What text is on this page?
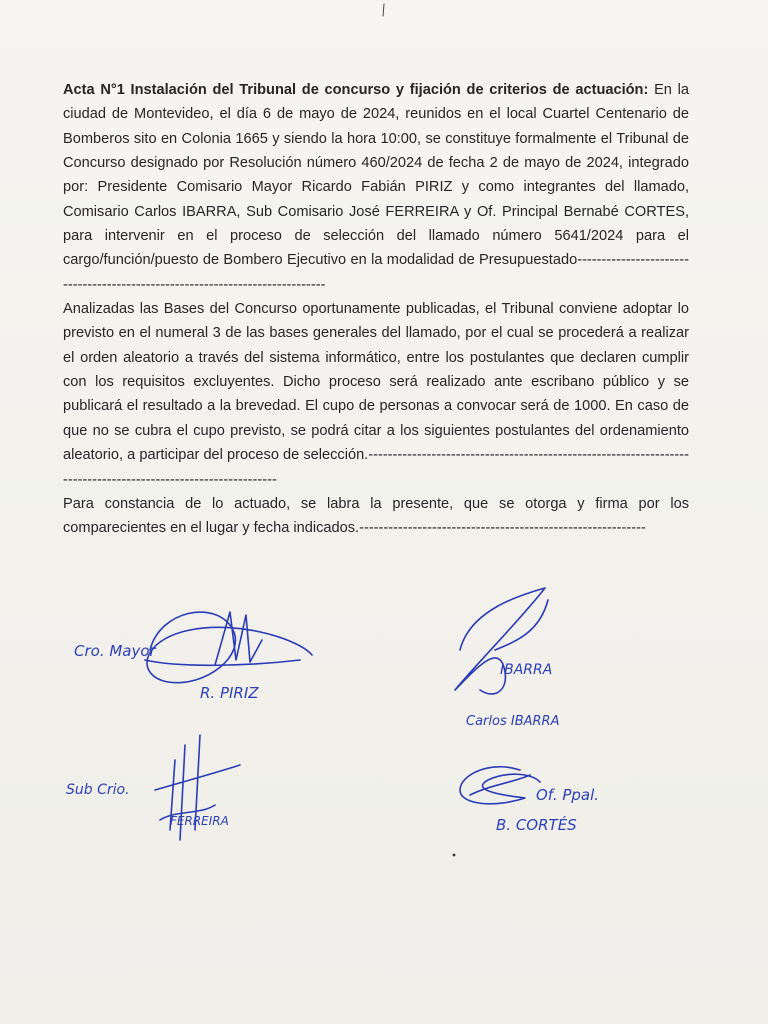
Acta N°1 Instalación del Tribunal de concurso y fijación de criterios de actuación: En la ciudad de Montevideo, el día 6 de mayo de 2024, reunidos en el local Cuartel Centenario de Bomberos sito en Colonia 1665 y siendo la hora 10:00, se constituye formalmente el Tribunal de Concurso designado por Resolución número 460/2024 de fecha 2 de mayo de 2024, integrado por: Presidente Comisario Mayor Ricardo Fabián PIRIZ y como integrantes del llamado, Comisario Carlos IBARRA, Sub Comisario José FERREIRA y Of. Principal Bernabé CORTES, para intervenir en el proceso de selección del llamado número 5641/2024 para el cargo/función/puesto de Bombero Ejecutivo en la modalidad de Presupuestado-----------------------------------------------------------------------------

Analizadas las Bases del Concurso oportunamente publicadas, el Tribunal conviene adoptar lo previsto en el numeral 3 de las bases generales del llamado, por el cual se procederá a realizar el orden aleatorio a través del sistema informático, entre los postulantes que declaren cumplir con los requisitos excluyentes. Dicho proceso será realizado ante escribano público y se publicará el resultado a la brevedad. El cupo de personas a convocar será de 1000. En caso de que no se cubra el cupo previsto, se podrá citar a los siguientes postulantes del ordenamiento aleatorio, a participar del proceso de selección.--------------------------------------------------------------------------------------------------------------

Para constancia de lo actuado, se labra la presente, que se otorga y firma por los comparecientes en el lugar y fecha indicados.-----------------------------------------------------------

Cro. Mayor
R. PIRIZ
IBARRA
Carlos IBARRA
Sub Crio.
FERREIRA
Of. Ppal.
B. CORTÉS
